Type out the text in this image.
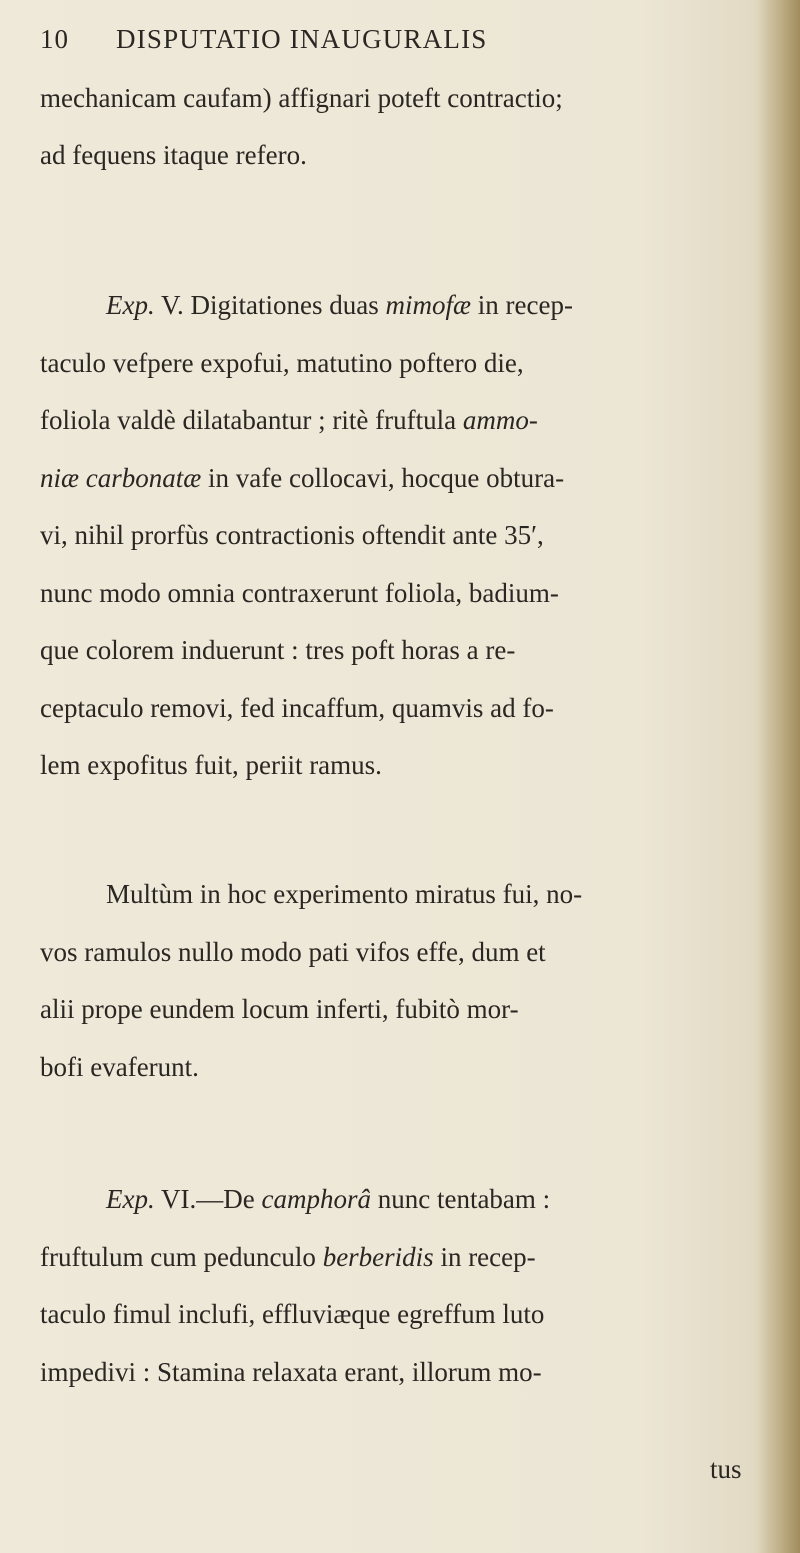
10 DISPUTATIO INAUGURALIS
mechanicam caufam) affignari poteft contractio;
ad fequens itaque refero.
Exp. V. Digitationes duas mimofæ in recep-
taculo vefpere expofui, matutino poftero die,
foliola valdè dilatabantur ; ritè fruftula ammo-
niæ carbonatæ in vafe collocavi, hocque obtura-
vi, nihil prorfùs contractionis oftendit ante 35′,
nunc modo omnia contraxerunt foliola, badium-
que colorem induerunt : tres poft horas a re-
ceptaculo removi, fed incaffum, quamvis ad fo-
lem expofitus fuit, periit ramus.
Multùm in hoc experimento miratus fui, no-
vos ramulos nullo modo pati vifos effe, dum et
alii prope eundem locum inferti, fubitò mor-
bofi evaferunt.
Exp. VI.—De camphorâ nunc tentabam :
fruftulum cum pedunculo berberidis in recep-
taculo fimul inclufi, effluviæque egreffum luto
impedivi : Stamina relaxata erant, illorum mo-
tus
